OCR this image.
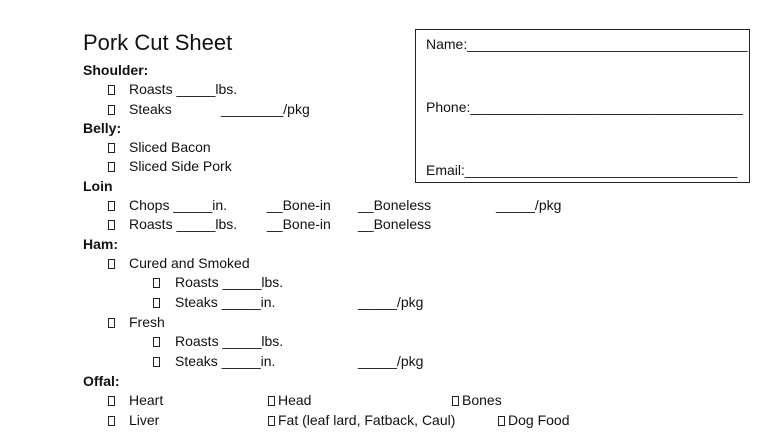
Pork Cut Sheet	Name:____________________________________
Phone:___________________________________
Email:___________________________________
Shoulder:
Roasts _____lbs.
Steaks	________/pkg
Belly:
Sliced Bacon
Sliced Side Pork
Loin
Chops _____in.	__Bone-in __Boneless	_____/pkg
Roasts _____lbs. __Bone-in __Boneless
Ham:
Cured and Smoked
Roasts _____lbs.
Steaks _____in.	_____/pkg
Fresh
Roasts _____lbs.
Steaks _____in.	_____/pkg
Offal:
Heart	Head	Bones
Liver	Fat (leaf lard, Fatback, Caul)	Dog Food
